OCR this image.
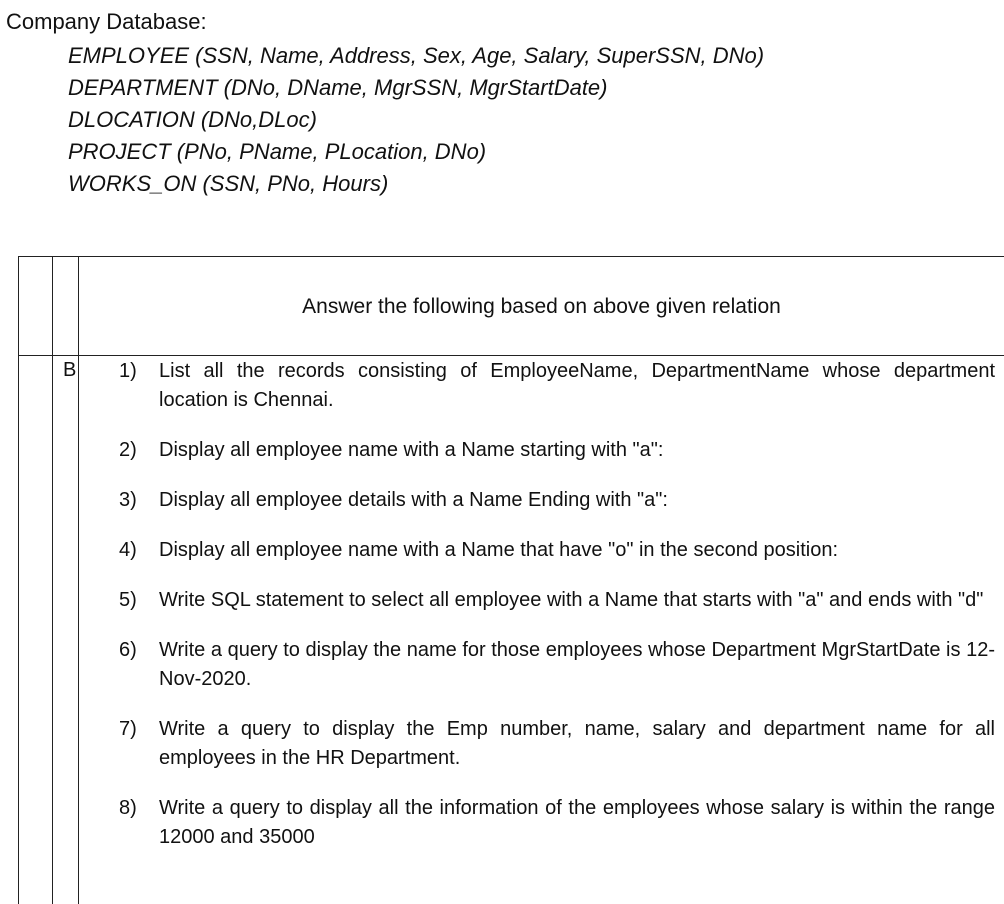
Company Database:
EMPLOYEE (SSN, Name, Address, Sex, Age, Salary, SuperSSN, DNo)
DEPARTMENT (DNo, DName, MgrSSN, MgrStartDate)
DLOCATION (DNo,DLoc)
PROJECT (PNo, PName, PLocation, DNo)
WORKS_ON (SSN, PNo, Hours)
Answer the following based on above given relation
B 1) List all the records consisting of EmployeeName, DepartmentName whose department location is Chennai.
2) Display all employee name with a Name starting with "a":
3) Display all employee details with a Name Ending with "a":
4) Display all employee name with a Name that have "o" in the second position:
5) Write SQL statement to select all employee with a Name that starts with "a" and ends with "d"
6) Write a query to display the name for those employees whose Department MgrStartDate is 12-Nov-2020.
7) Write a query to display the Emp number, name, salary and department name for all employees in the HR Department.
8) Write a query to display all the information of the employees whose salary is within the range 12000 and 35000
